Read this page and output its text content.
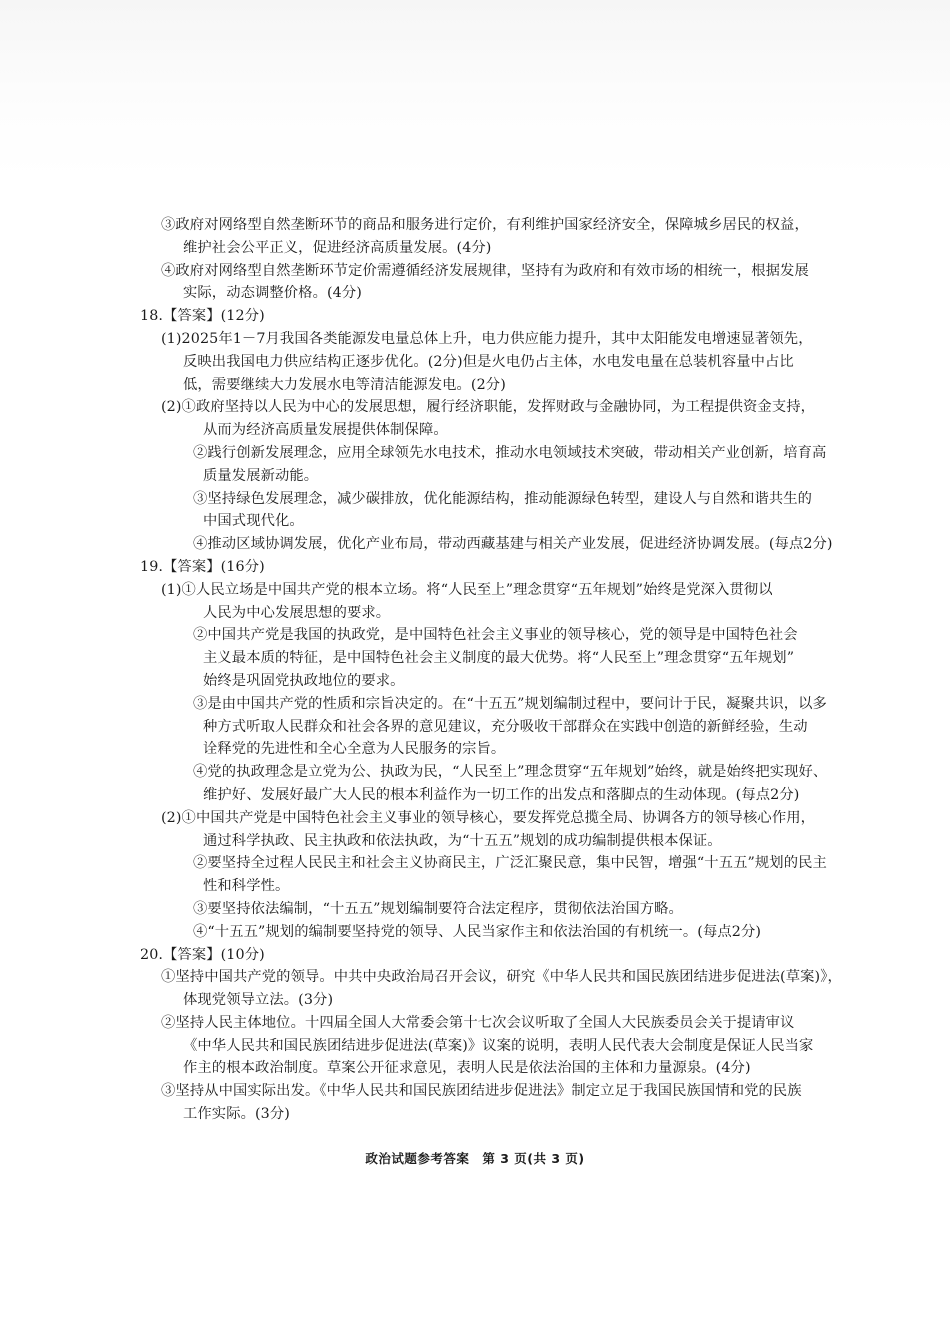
③政府对网络型自然垄断环节的商品和服务进行定价，有利维护国家经济安全，保障城乡居民的权益，
维护社会公平正义，促进经济高质量发展。(4分)
④政府对网络型自然垄断环节定价需遵循经济发展规律，坚持有为政府和有效市场的相统一，根据发展
实际，动态调整价格。(4分)
18.【答案】(12分)
(1)2025年1－7月我国各类能源发电量总体上升，电力供应能力提升，其中太阳能发电增速显著领先，
反映出我国电力供应结构正逐步优化。(2分)但是火电仍占主体，水电发电量在总装机容量中占比
低，需要继续大力发展水电等清洁能源发电。(2分)
(2)①政府坚持以人民为中心的发展思想，履行经济职能，发挥财政与金融协同，为工程提供资金支持，
从而为经济高质量发展提供体制保障。
②践行创新发展理念，应用全球领先水电技术，推动水电领域技术突破，带动相关产业创新，培育高
质量发展新动能。
③坚持绿色发展理念，减少碳排放，优化能源结构，推动能源绿色转型，建设人与自然和谐共生的
中国式现代化。
④推动区域协调发展，优化产业布局，带动西藏基建与相关产业发展，促进经济协调发展。(每点2分)
19.【答案】(16分)
(1)①人民立场是中国共产党的根本立场。将“人民至上”理念贯穿“五年规划”始终是党深入贯彻以
人民为中心发展思想的要求。
②中国共产党是我国的执政党，是中国特色社会主义事业的领导核心，党的领导是中国特色社会
主义最本质的特征，是中国特色社会主义制度的最大优势。将“人民至上”理念贯穿“五年规划”
始终是巩固党执政地位的要求。
③是由中国共产党的性质和宗旨决定的。在“十五五”规划编制过程中，要问计于民，凝聚共识，以多
种方式听取人民群众和社会各界的意见建议，充分吸收干部群众在实践中创造的新鲜经验，生动
诠释党的先进性和全心全意为人民服务的宗旨。
④党的执政理念是立党为公、执政为民，“人民至上”理念贯穿“五年规划”始终，就是始终把实现好、
维护好、发展好最广大人民的根本利益作为一切工作的出发点和落脚点的生动体现。(每点2分)
(2)①中国共产党是中国特色社会主义事业的领导核心，要发挥党总揽全局、协调各方的领导核心作用，
通过科学执政、民主执政和依法执政，为“十五五”规划的成功编制提供根本保证。
②要坚持全过程人民民主和社会主义协商民主，广泛汇聚民意，集中民智，增强“十五五”规划的民主
性和科学性。
③要坚持依法编制，“十五五”规划编制要符合法定程序，贯彻依法治国方略。
④“十五五”规划的编制要坚持党的领导、人民当家作主和依法治国的有机统一。(每点2分)
20.【答案】(10分)
①坚持中国共产党的领导。中共中央政治局召开会议，研究《中华人民共和国民族团结进步促进法(草案)》，
体现党领导立法。(3分)
②坚持人民主体地位。十四届全国人大常委会第十七次会议听取了全国人大民族委员会关于提请审议
《中华人民共和国民族团结进步促进法(草案)》议案的说明，表明人民代表大会制度是保证人民当家
作主的根本政治制度。草案公开征求意见，表明人民是依法治国的主体和力量源泉。(4分)
③坚持从中国实际出发。《中华人民共和国民族团结进步促进法》制定立足于我国民族国情和党的民族
工作实际。(3分)
政治试题参考答案　第 3 页(共 3 页)
